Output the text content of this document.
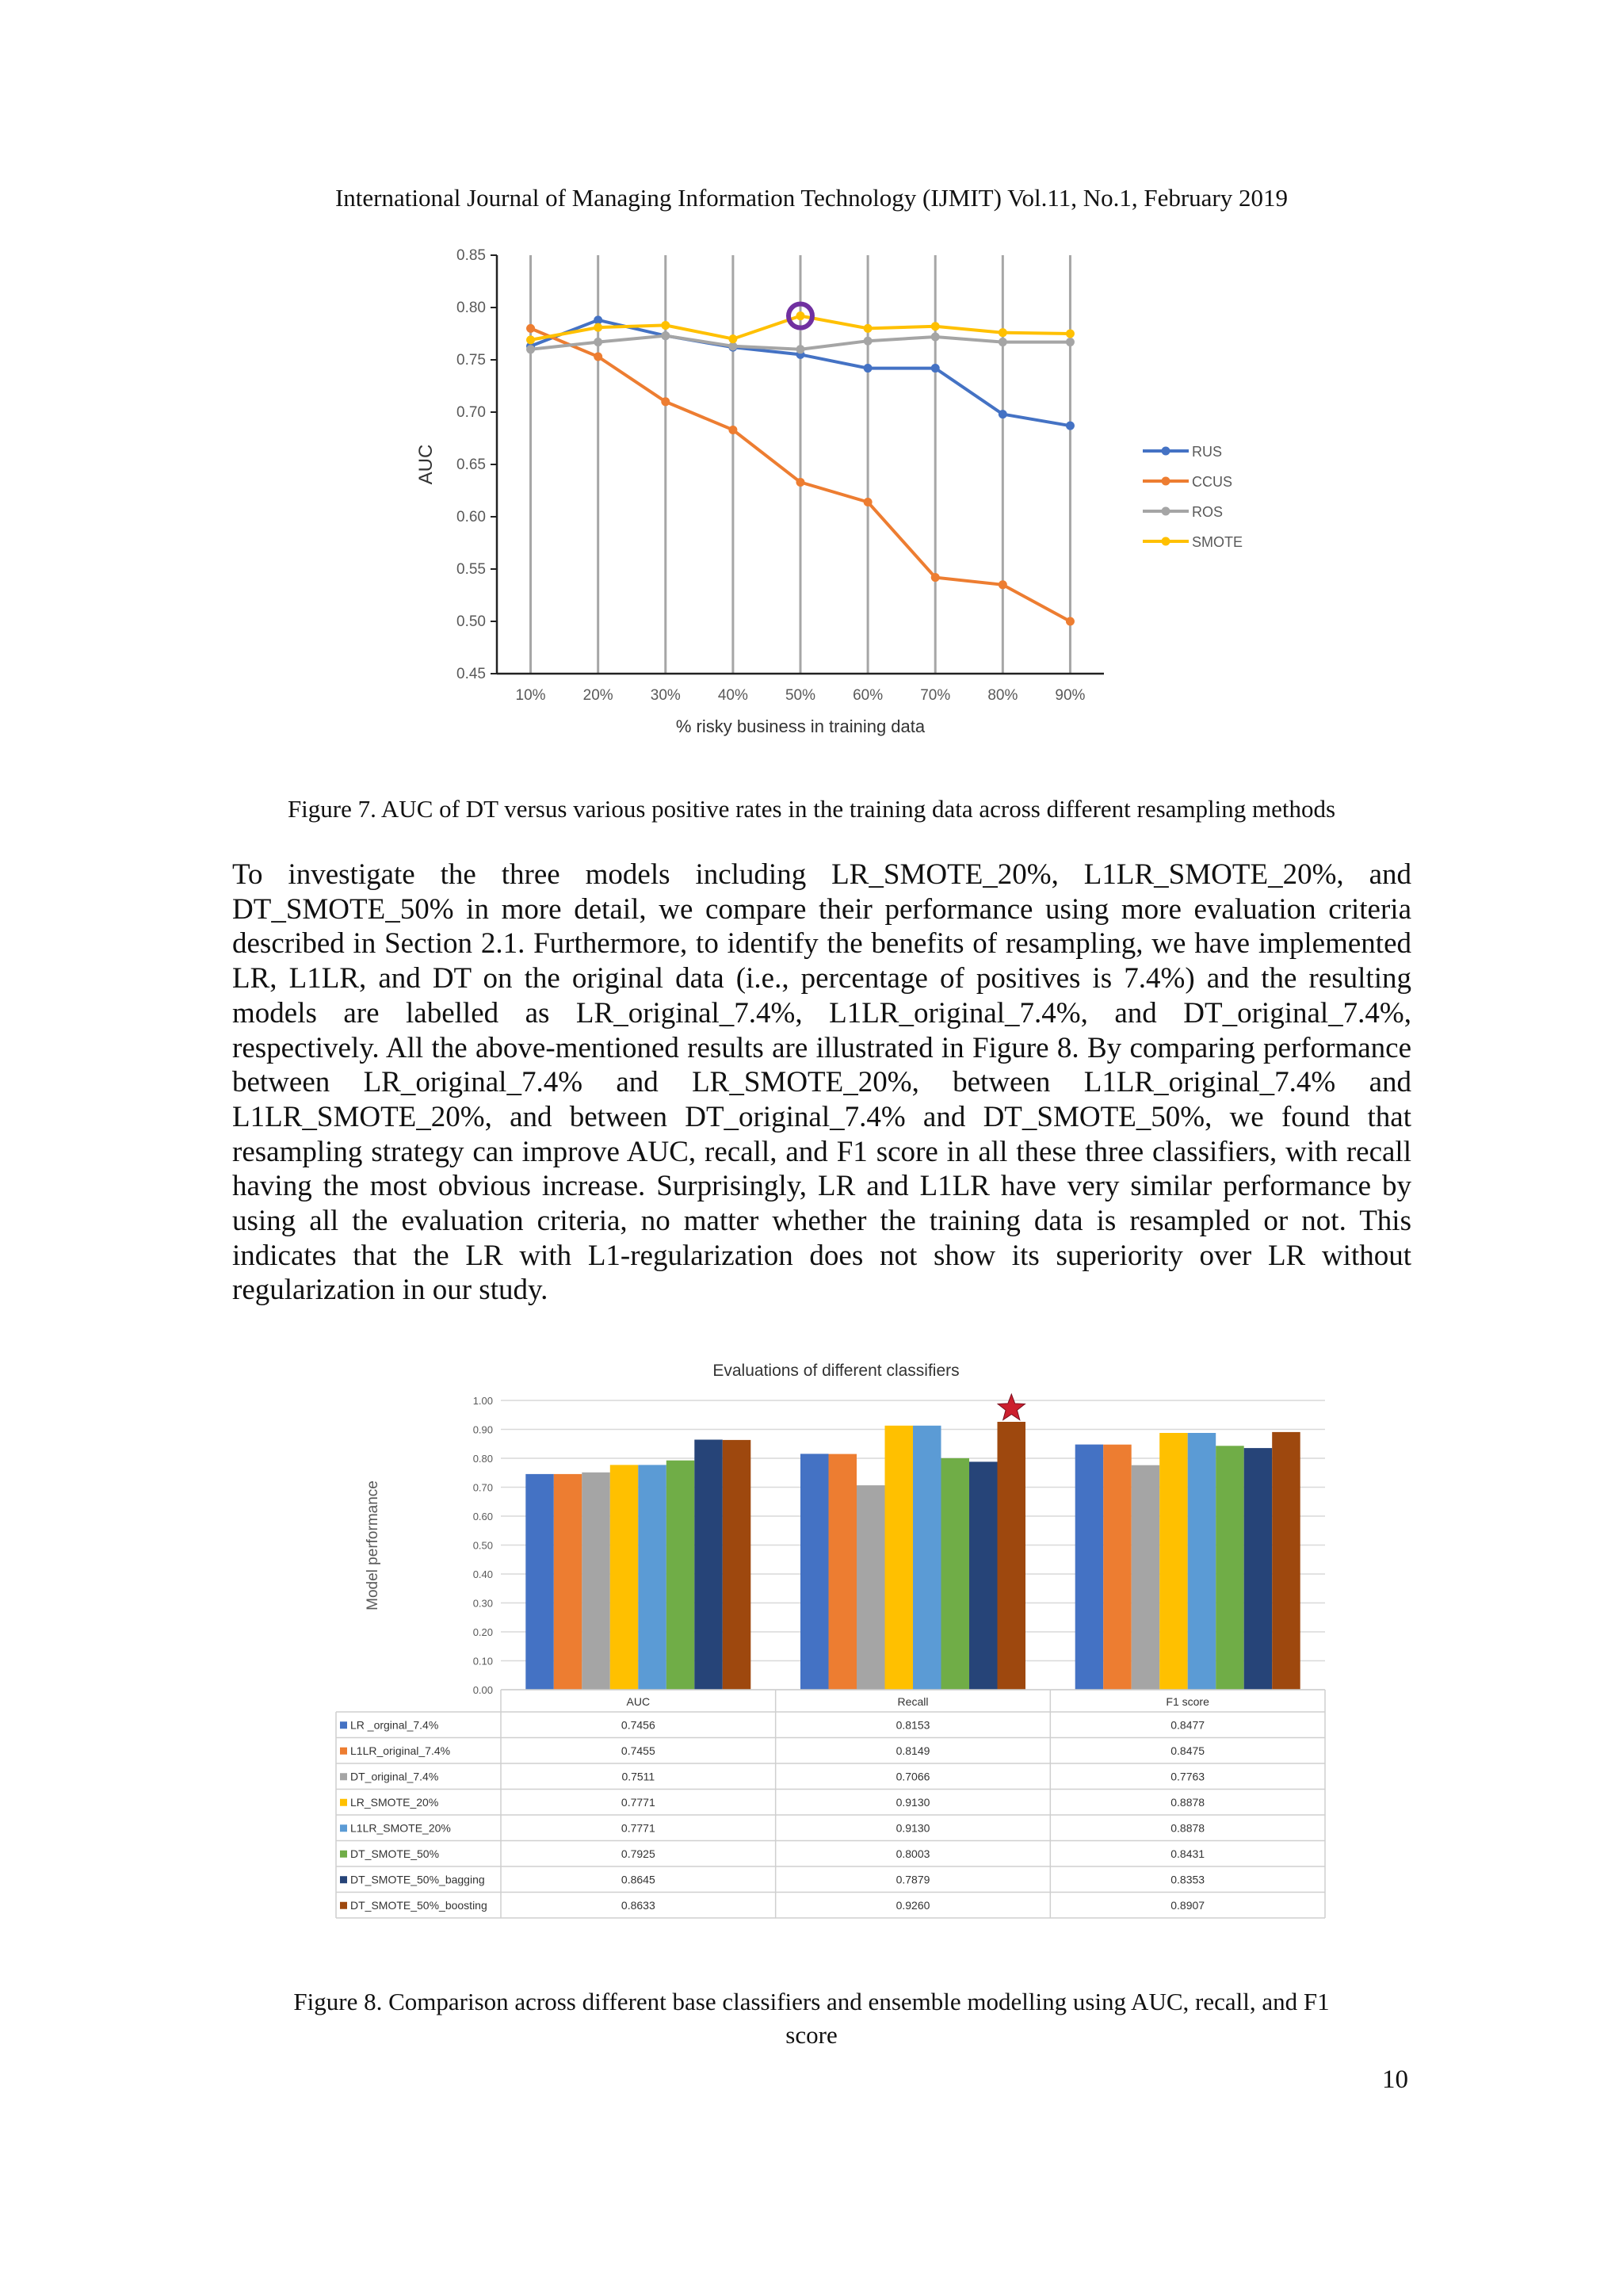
International Journal of Managing Information Technology (IJMIT) Vol.11, No.1, February 2019
10% 20% 30% 40% 50% 60% 70% 80% 90%
0.85
0.80
0.75
0.70
0.65
0.60
0.55
0.50
0.45
AUC
% risky business in training data
RUS
CCUS
ROS
SMOTE
Figure 7. AUC of DT versus various positive rates in the training data across different resampling methods
To investigate the three models including LR_SMOTE_20%, L1LR_SMOTE_20%, and DT_SMOTE_50% in more detail, we compare their performance using more evaluation criteria described in Section 2.1. Furthermore, to identify the benefits of resampling, we have implemented LR, L1LR, and DT on the original data (i.e., percentage of positives is 7.4%) and the resulting models are labelled as LR_original_7.4%, L1LR_original_7.4%, and DT_original_7.4%, respectively. All the above-mentioned results are illustrated in Figure 8. By comparing performance between LR_original_7.4% and LR_SMOTE_20%, between L1LR_original_7.4% and L1LR_SMOTE_20%, and between DT_original_7.4% and DT_SMOTE_50%, we found that resampling strategy can improve AUC, recall, and F1 score in all these three classifiers, with recall having the most obvious increase. Surprisingly, LR and L1LR have very similar performance by using all the evaluation criteria, no matter whether the training data is resampled or not. This indicates that the LR with L1-regularization does not show its superiority over LR without regularization in our study.
Evaluations of different classifiers
Model performance
1.00
0.90
0.80
0.70
0.60
0.50
0.40
0.30
0.20
0.10
0.00
AUC	Recall	F1 score
LR _orginal_7.4%	0.7456	0.8153	0.8477
L1LR_original_7.4%	0.7455	0.8149	0.8475
DT_original_7.4%	0.7511	0.7066	0.7763
LR_SMOTE_20%	0.7771	0.9130	0.8878
L1LR_SMOTE_20%	0.7771	0.9130	0.8878
DT_SMOTE_50%	0.7925	0.8003	0.8431
DT_SMOTE_50%_bagging	0.8645	0.7879	0.8353
DT_SMOTE_50%_boosting	0.8633	0.9260	0.8907
Figure 8. Comparison across different base classifiers and ensemble modelling using AUC, recall, and F1
score
10
